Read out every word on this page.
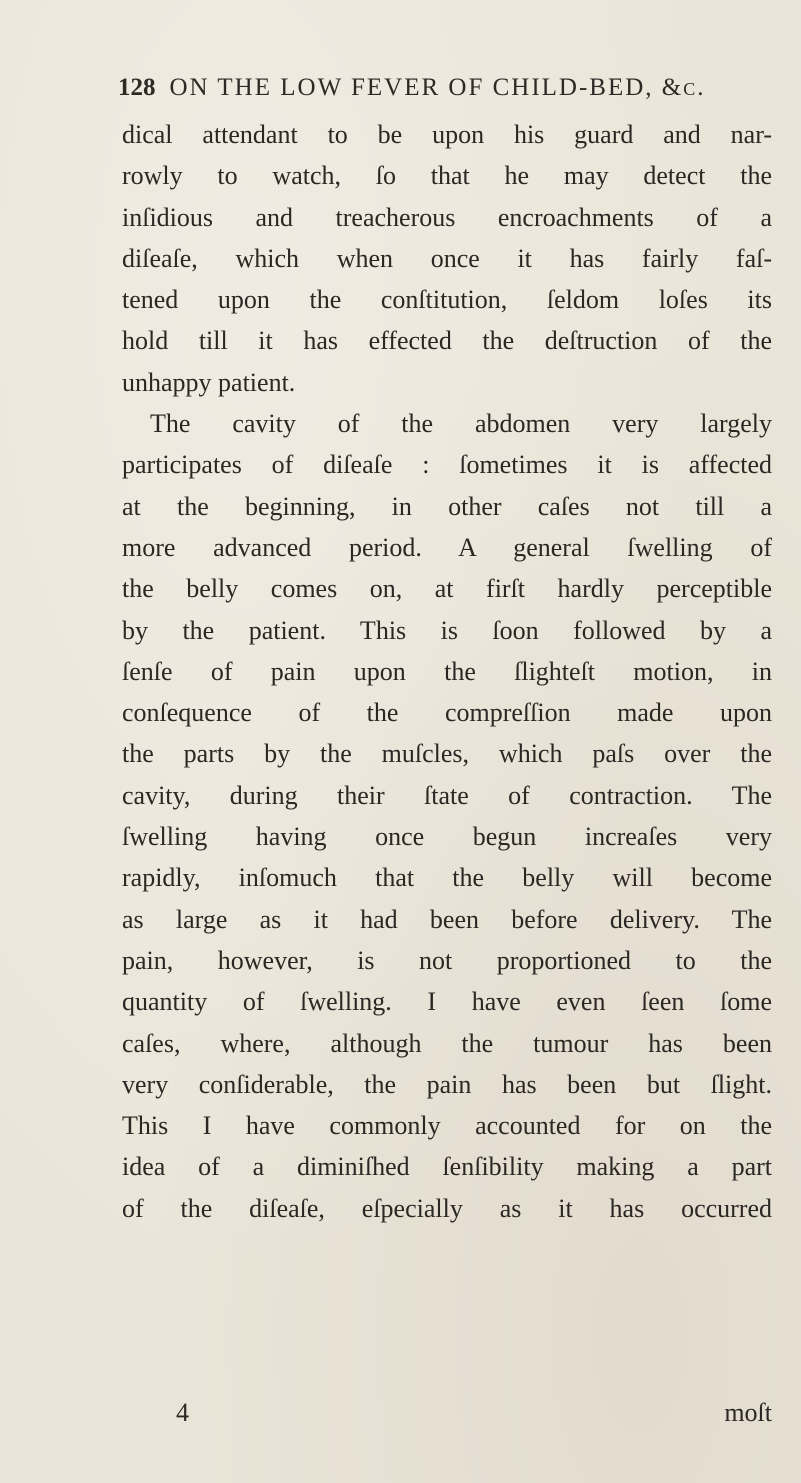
128 ON THE LOW FEVER OF CHILD-BED, &c.
dical attendant to be upon his guard and nar-
rowly to watch, ſo that he may detect the
inſidious and treacherous encroachments of a
diſeaſe, which when once it has fairly faſ-
tened upon the conſtitution, ſeldom loſes its
hold till it has effected the deſtruction of the
unhappy patient.
The cavity of the abdomen very largely
participates of diſeaſe : ſometimes it is affected
at the beginning, in other caſes not till a
more advanced period. A general ſwelling of
the belly comes on, at firſt hardly perceptible
by the patient. This is ſoon followed by a
ſenſe of pain upon the ſlighteſt motion, in
conſequence of the compreſſion made upon
the parts by the muſcles, which paſs over the
cavity, during their ſtate of contraction. The
ſwelling having once begun increaſes very
rapidly, inſomuch that the belly will become
as large as it had been before delivery. The
pain, however, is not proportioned to the
quantity of ſwelling. I have even ſeen ſome
caſes, where, although the tumour has been
very conſiderable, the pain has been but ſlight.
This I have commonly accounted for on the
idea of a diminiſhed ſenſibility making a part
of the diſeaſe, eſpecially as it has occurred
4	moſt
